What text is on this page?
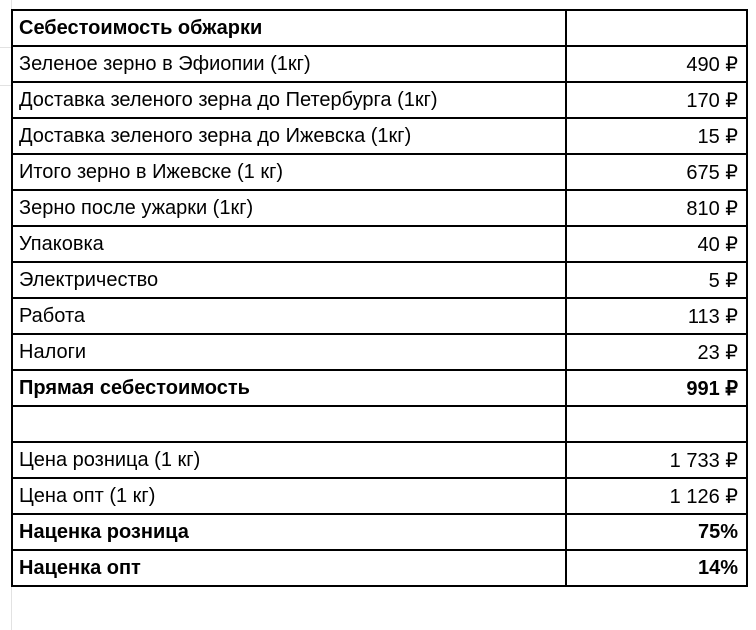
Себестоимость обжарки	
Зеленое зерно в Эфиопии (1кг)	490 ₽
Доставка зеленого зерна до Петербурга (1кг)	170 ₽
Доставка зеленого зерна до Ижевска (1кг)	15 ₽
Итого зерно в Ижевске (1 кг)	675 ₽
Зерно после ужарки (1кг)	810 ₽
Упаковка	40 ₽
Электричество	5 ₽
Работа	113 ₽
Налоги	23 ₽
Прямая себестоимость	991 ₽

Цена розница (1 кг)	1 733 ₽
Цена опт (1 кг)	1 126 ₽
Наценка розница	75%
Наценка опт	14%
